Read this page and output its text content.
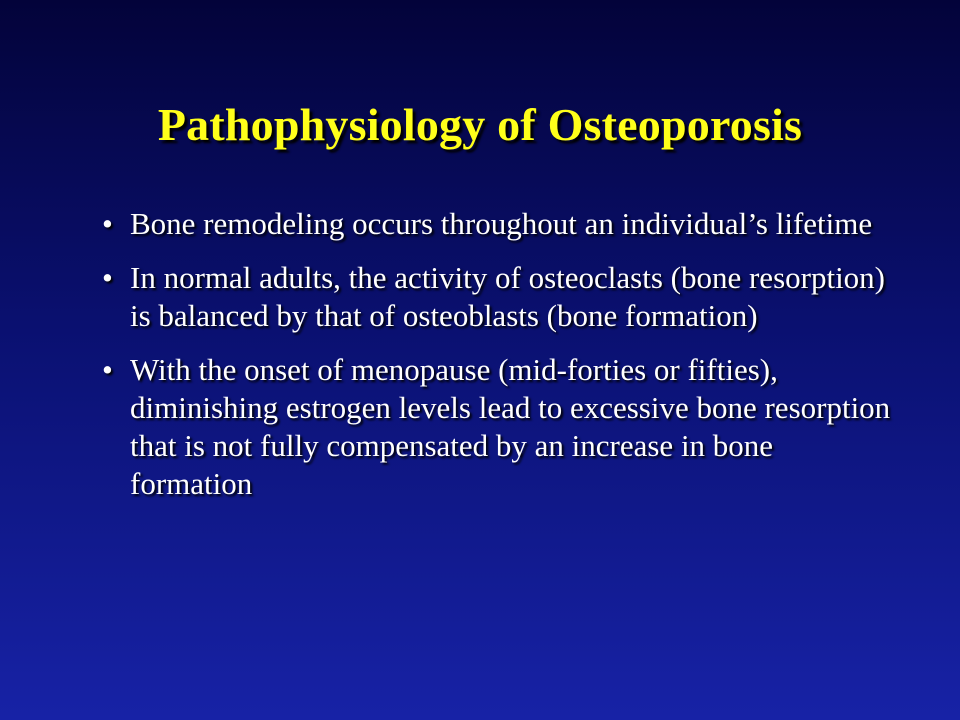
Pathophysiology of Osteoporosis
• Bone remodeling occurs throughout an individual’s lifetime
• In normal adults, the activity of osteoclasts (bone resorption) is balanced by that of osteoblasts (bone formation)
• With the onset of menopause (mid-forties or fifties), diminishing estrogen levels lead to excessive bone resorption that is not fully compensated by an increase in bone formation
